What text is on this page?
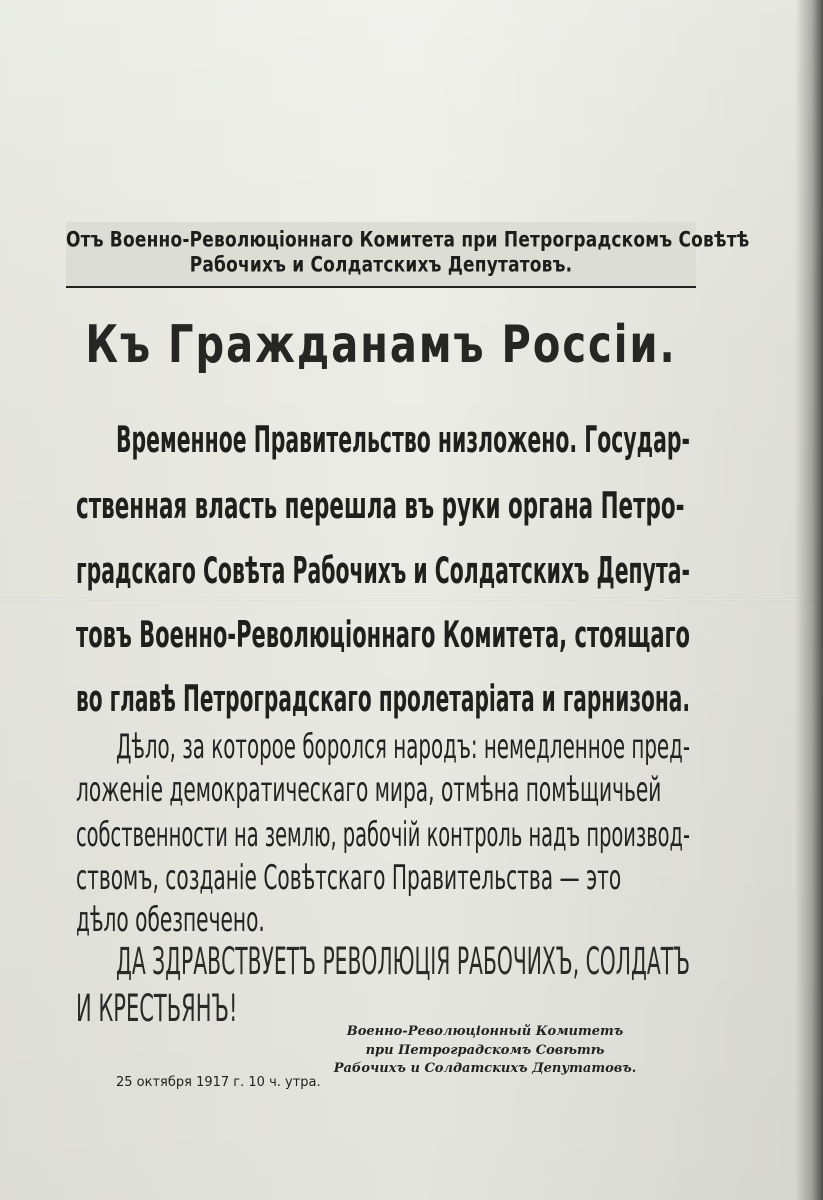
Отъ Военно-Революціоннаго Комитета при Петроградскомъ Совѣтѣ
Рабочихъ и Солдатскихъ Депутатовъ.
Къ Гражданамъ Россіи.
Временное Правительство низложено. Государ-
ственная власть перешла въ руки органа Петро-
градскаго Совѣта Рабочихъ и Солдатскихъ Депута-
товъ Военно-Революціоннаго Комитета, стоящаго
во главѣ Петроградскаго пролетаріата и гарнизона.
Дѣло, за которое боролся народъ: немедленное пред-
ложеніе демократическаго мира, отмѣна помѣщичьей
собственности на землю, рабочій контроль надъ производ-
ствомъ, созданіе Совѣтскаго Правительства — это
дѣло обезпечено.
ДА ЗДРАВСТВУЕТЪ РЕВОЛЮЦІЯ РАБОЧИХЪ, СОЛДАТЪ
И КРЕСТЬЯНЪ!
Военно-Революціонный Комитетъ
при Петроградскомъ Совѣтѣ
Рабочихъ и Солдатскихъ Депутатовъ.
25 октября 1917 г. 10 ч. утра.
